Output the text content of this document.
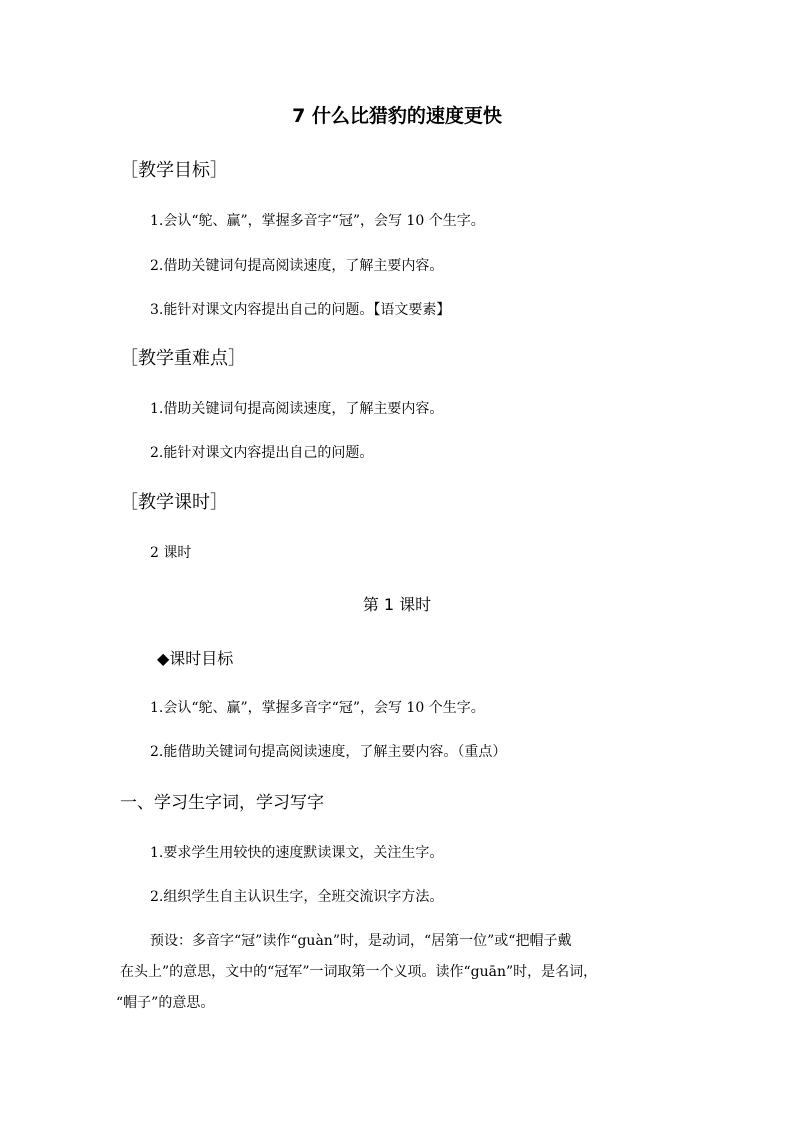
7 什么比猎豹的速度更快
［教学目标］
1.会认“鸵、赢”，掌握多音字“冠”，会写 10 个生字。
2.借助关键词句提高阅读速度，了解主要内容。
3.能针对课文内容提出自己的问题。【语文要素】
［教学重难点］
1.借助关键词句提高阅读速度，了解主要内容。
2.能针对课文内容提出自己的问题。
［教学课时］
2 课时
第 1 课时
◆课时目标
1.会认“鸵、赢”，掌握多音字“冠”，会写 10 个生字。
2.能借助关键词句提高阅读速度，了解主要内容。（重点）
一、学习生字词，学习写字
1.要求学生用较快的速度默读课文，关注生字。
2.组织学生自主认识生字，全班交流识字方法。
预设：多音字“冠”读作“guàn”时，是动词，“居第一位”或“把帽子戴
在头上”的意思，文中的“冠军”一词取第一个义项。读作“guān”时，是名词，
“帽子”的意思。
